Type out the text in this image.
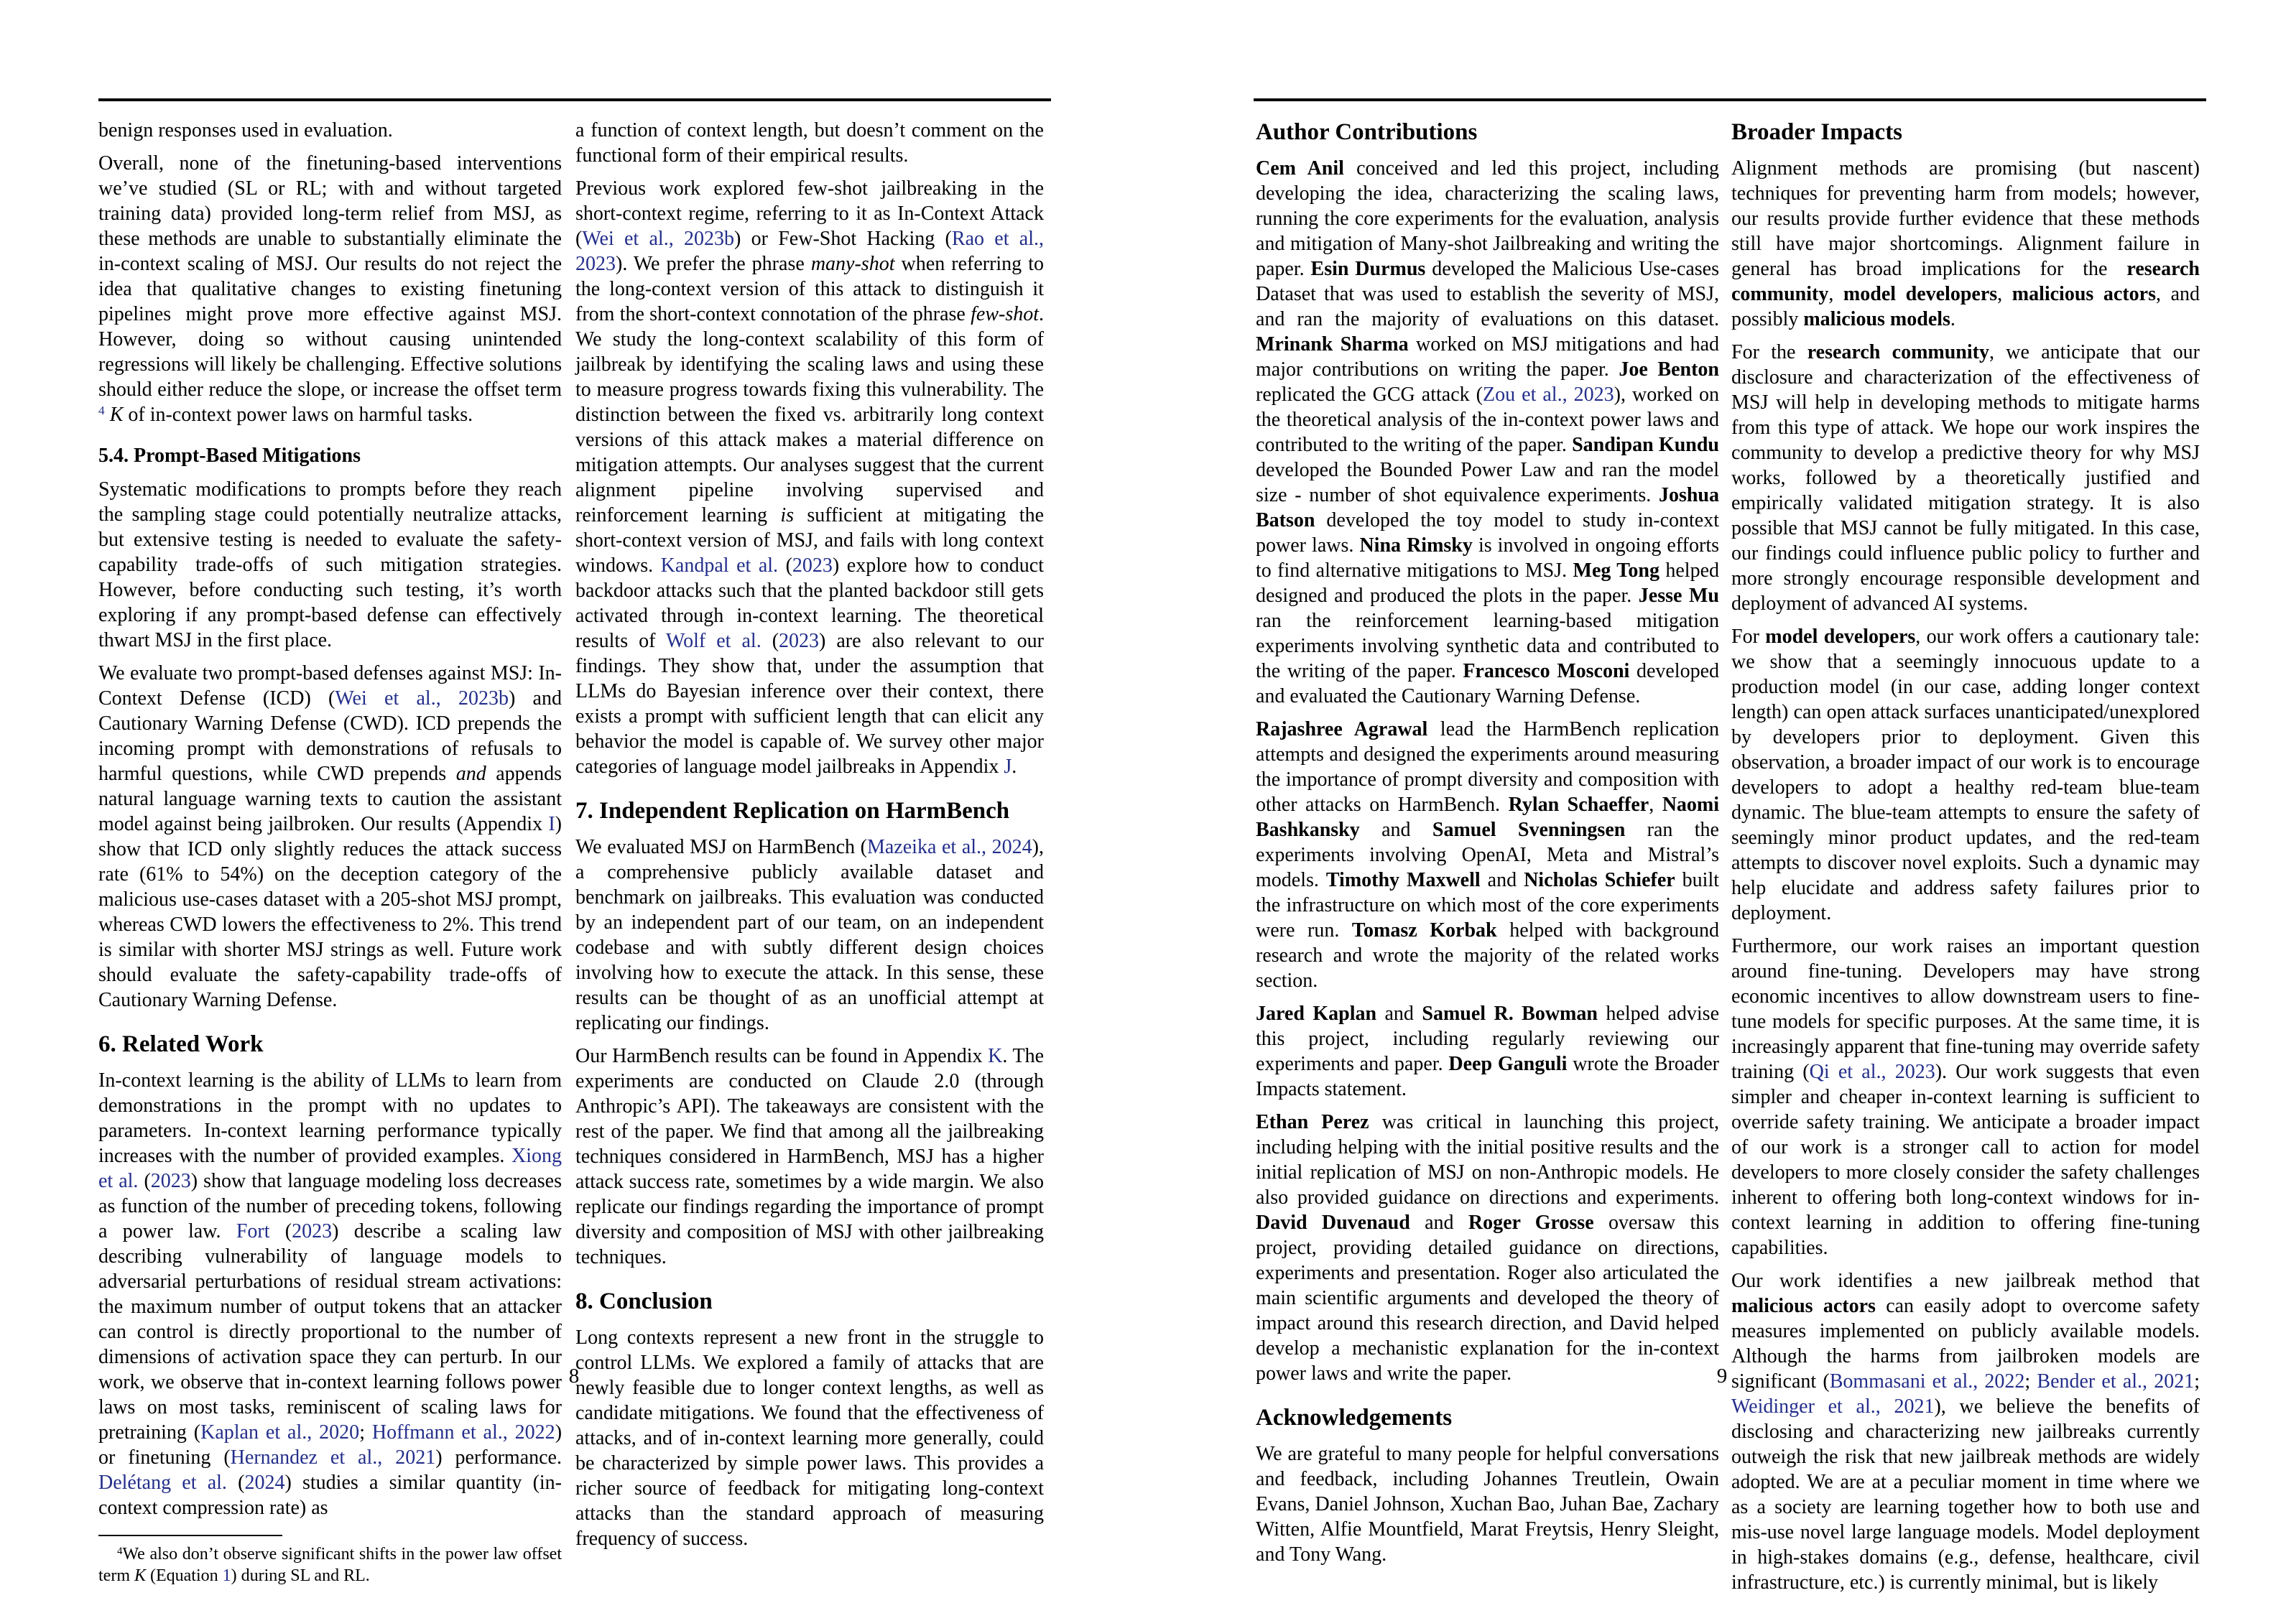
benign responses used in evaluation.

Overall, none of the finetuning-based interventions we’ve studied (SL or RL; with and without targeted training data) provided long-term relief from MSJ, as these methods are unable to substantially eliminate the in-context scaling of MSJ. Our results do not reject the idea that qualitative changes to existing finetuning pipelines might prove more effective against MSJ. However, doing so without causing unintended regressions will likely be challenging. Effective solutions should either reduce the slope, or increase the offset term $^4$ K of in-context power laws on harmful tasks.

5.4. Prompt-Based Mitigations

Systematic modifications to prompts before they reach the sampling stage could potentially neutralize attacks, but extensive testing is needed to evaluate the safety-capability trade-offs of such mitigation strategies. However, before conducting such testing, it’s worth exploring if any prompt-based defense can effectively thwart MSJ in the first place.

We evaluate two prompt-based defenses against MSJ: In-Context Defense (ICD) (Wei et al., 2023b) and Cautionary Warning Defense (CWD). ICD prepends the incoming prompt with demonstrations of refusals to harmful questions, while CWD prepends and appends natural language warning texts to caution the assistant model against being jailbroken. Our results (Appendix I) show that ICD only slightly reduces the attack success rate (61% to 54%) on the deception category of the malicious use-cases dataset with a 205-shot MSJ prompt, whereas CWD lowers the effectiveness to 2%. This trend is similar with shorter MSJ strings as well. Future work should evaluate the safety-capability trade-offs of Cautionary Warning Defense.

6. Related Work

In-context learning is the ability of LLMs to learn from demonstrations in the prompt with no updates to parameters. In-context learning performance typically increases with the number of provided examples. Xiong et al. (2023) show that language modeling loss decreases as function of the number of preceding tokens, following a power law. Fort (2023) describe a scaling law describing vulnerability of language models to adversarial perturbations of residual stream activations: the maximum number of output tokens that an attacker can control is directly proportional to the number of dimensions of activation space they can perturb. In our work, we observe that in-context learning follows power laws on most tasks, reminiscent of scaling laws for pretraining (Kaplan et al., 2020; Hoffmann et al., 2022) or finetuning (Hernandez et al., 2021) performance. Delétang et al. (2024) studies a similar quantity (in-context compression rate) as

$^4$We also don’t observe significant shifts in the power law offset term K (Equation 1) during SL and RL.

a function of context length, but doesn’t comment on the functional form of their empirical results.

Previous work explored few-shot jailbreaking in the short-context regime, referring to it as In-Context Attack (Wei et al., 2023b) or Few-Shot Hacking (Rao et al., 2023). We prefer the phrase many-shot when referring to the long-context version of this attack to distinguish it from the short-context connotation of the phrase few-shot. We study the long-context scalability of this form of jailbreak by identifying the scaling laws and using these to measure progress towards fixing this vulnerability. The distinction between the fixed vs. arbitrarily long context versions of this attack makes a material difference on mitigation attempts. Our analyses suggest that the current alignment pipeline involving supervised and reinforcement learning is sufficient at mitigating the short-context version of MSJ, and fails with long context windows. Kandpal et al. (2023) explore how to conduct backdoor attacks such that the planted backdoor still gets activated through in-context learning. The theoretical results of Wolf et al. (2023) are also relevant to our findings. They show that, under the assumption that LLMs do Bayesian inference over their context, there exists a prompt with sufficient length that can elicit any behavior the model is capable of. We survey other major categories of language model jailbreaks in Appendix J.

7. Independent Replication on HarmBench

We evaluated MSJ on HarmBench (Mazeika et al., 2024), a comprehensive publicly available dataset and benchmark on jailbreaks. This evaluation was conducted by an independent part of our team, on an independent codebase and with subtly different design choices involving how to execute the attack. In this sense, these results can be thought of as an unofficial attempt at replicating our findings.

Our HarmBench results can be found in Appendix K. The experiments are conducted on Claude 2.0 (through Anthropic’s API). The takeaways are consistent with the rest of the paper. We find that among all the jailbreaking techniques considered in HarmBench, MSJ has a higher attack success rate, sometimes by a wide margin. We also replicate our findings regarding the importance of prompt diversity and composition of MSJ with other jailbreaking techniques.

8. Conclusion

Long contexts represent a new front in the struggle to control LLMs. We explored a family of attacks that are newly feasible due to longer context lengths, as well as candidate mitigations. We found that the effectiveness of attacks, and of in-context learning more generally, could be characterized by simple power laws. This provides a richer source of feedback for mitigating long-context attacks than the standard approach of measuring frequency of success.

8
Author Contributions

Cem Anil conceived and led this project, including developing the idea, characterizing the scaling laws, running the core experiments for the evaluation, analysis and mitigation of Many-shot Jailbreaking and writing the paper. Esin Durmus developed the Malicious Use-cases Dataset that was used to establish the severity of MSJ, and ran the majority of evaluations on this dataset. Mrinank Sharma worked on MSJ mitigations and had major contributions on writing the paper. Joe Benton replicated the GCG attack (Zou et al., 2023), worked on the theoretical analysis of the in-context power laws and contributed to the writing of the paper. Sandipan Kundu developed the Bounded Power Law and ran the model size - number of shot equivalence experiments. Joshua Batson developed the toy model to study in-context power laws. Nina Rimsky is involved in ongoing efforts to find alternative mitigations to MSJ. Meg Tong helped designed and produced the plots in the paper. Jesse Mu ran the reinforcement learning-based mitigation experiments involving synthetic data and contributed to the writing of the paper. Francesco Mosconi developed and evaluated the Cautionary Warning Defense.

Rajashree Agrawal lead the HarmBench replication attempts and designed the experiments around measuring the importance of prompt diversity and composition with other attacks on HarmBench. Rylan Schaeffer, Naomi Bashkansky and Samuel Svenningsen ran the experiments involving OpenAI, Meta and Mistral’s models. Timothy Maxwell and Nicholas Schiefer built the infrastructure on which most of the core experiments were run. Tomasz Korbak helped with background research and wrote the majority of the related works section.

Jared Kaplan and Samuel R. Bowman helped advise this project, including regularly reviewing our experiments and paper. Deep Ganguli wrote the Broader Impacts statement.

Ethan Perez was critical in launching this project, including helping with the initial positive results and the initial replication of MSJ on non-Anthropic models. He also provided guidance on directions and experiments. David Duvenaud and Roger Grosse oversaw this project, providing detailed guidance on directions, experiments and presentation. Roger also articulated the main scientific arguments and developed the theory of impact around this research direction, and David helped develop a mechanistic explanation for the in-context power laws and write the paper.

Acknowledgements

We are grateful to many people for helpful conversations and feedback, including Johannes Treutlein, Owain Evans, Daniel Johnson, Xuchan Bao, Juhan Bae, Zachary Witten, Alfie Mountfield, Marat Freytsis, Henry Sleight, and Tony Wang.

Broader Impacts

Alignment methods are promising (but nascent) techniques for preventing harm from models; however, our results provide further evidence that these methods still have major shortcomings. Alignment failure in general has broad implications for the research community, model developers, malicious actors, and possibly malicious models.

For the research community, we anticipate that our disclosure and characterization of the effectiveness of MSJ will help in developing methods to mitigate harms from this type of attack. We hope our work inspires the community to develop a predictive theory for why MSJ works, followed by a theoretically justified and empirically validated mitigation strategy. It is also possible that MSJ cannot be fully mitigated. In this case, our findings could influence public policy to further and more strongly encourage responsible development and deployment of advanced AI systems.

For model developers, our work offers a cautionary tale: we show that a seemingly innocuous update to a production model (in our case, adding longer context length) can open attack surfaces unanticipated/unexplored by developers prior to deployment. Given this observation, a broader impact of our work is to encourage developers to adopt a healthy red-team blue-team dynamic. The blue-team attempts to ensure the safety of seemingly minor product updates, and the red-team attempts to discover novel exploits. Such a dynamic may help elucidate and address safety failures prior to deployment.

Furthermore, our work raises an important question around fine-tuning. Developers may have strong economic incentives to allow downstream users to fine-tune models for specific purposes. At the same time, it is increasingly apparent that fine-tuning may override safety training (Qi et al., 2023). Our work suggests that even simpler and cheaper in-context learning is sufficient to override safety training. We anticipate a broader impact of our work is a stronger call to action for model developers to more closely consider the safety challenges inherent to offering both long-context windows for in-context learning in addition to offering fine-tuning capabilities.

Our work identifies a new jailbreak method that malicious actors can easily adopt to overcome safety measures implemented on publicly available models. Although the harms from jailbroken models are significant (Bommasani et al., 2022; Bender et al., 2021; Weidinger et al., 2021), we believe the benefits of disclosing and characterizing new jailbreaks currently outweigh the risk that new jailbreak methods are widely adopted. We are at a peculiar moment in time where we as a society are learning together how to both use and mis-use novel large language models. Model deployment in high-stakes domains (e.g., defense, healthcare, civil infrastructure, etc.) is currently minimal, but is likely

9
